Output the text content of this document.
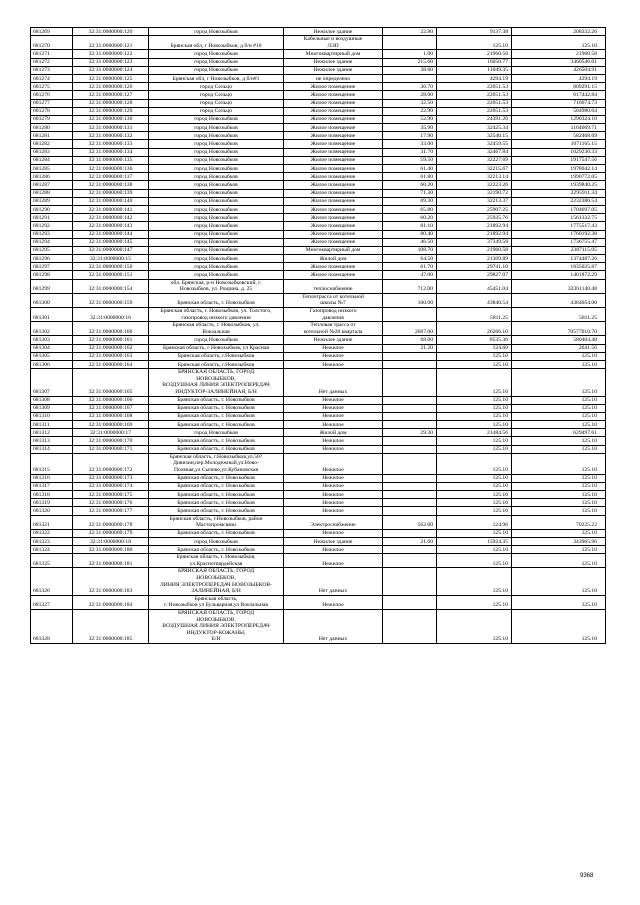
681269	32:31:0000000:120	город Новозыбков	Нежилое здание	22.80	9137.38	208332.26
681270	32:31:0000000:121	Брянская обл, г Новозыбков, д б/н #10	Кабельные и воздушные
ЛЭП		125.10	125.10
681271	32:31:0000000:122	город Новозыбков	Многоквартирный дом	1.00	21960.58	21960.58
681272	32:31:0000000:123	город Новозыбков	Нежилое здание	215.60	16050.77	3460546.01
681273	32:31:0000000:124	город Новозыбков	Нежилое здание	38.60	11049.35	426504.91
681274	32:31:0000000:125	Брянская обл, г Новозыбков, д б/н#1	не определено		4294.19	4294.19
681275	32:31:0000000:126	город Сельцо	Жилое помещение	36.70	22051.53	809291.15
681276	32:31:0000000:127	город Сельцо	Жилое помещение	28.00	22051.53	617442.84
681277	32:31:0000000:128	город Сельцо	Жилое помещение	32.50	22051.53	716674.73
681278	32:31:0000000:129	город Сельцо	Жилое помещение	22.90	22051.53	504980.04
681279	32:31:0000000:130	город Новозыбков	Жилое помещение	52.90	24391.26	1290324.10
681280	32:31:0000000:131	город Новозыбков	Жилое помещение	35.90	32425.34	1164069.71
681281	32:31:0000000:132	город Новозыбков	Жилое помещение	17.90	32540.15	582468.69
681282	32:31:0000000:133	город Новозыбков	Жилое помещение	33.00	32459.55	1071165.15
681283	32:31:0000000:134	город Новозыбков	Жилое помещение	31.70	32467.84	1029230.33
681284	32:31:0000000:135	город Новозыбков	Жилое помещение	59.50	32227.69	1917547.56
681285	32:31:0000000:136	город Новозыбков	Жилое помещение	61.40	32215.67	1978042.14
681286	32:31:0000000:137	город Новозыбков	Жилое помещение	61.80	32213.14	1990772.05
681287	32:31:0000000:138	город Новозыбков	Жилое помещение	60.20	32223.26	1939840.25
681288	32:31:0000000:139	город Новозыбков	Жилое помещение	71.30	32190.72	2295911.34
681289	32:31:0000000:140	город Новозыбков	Жилое помещение	69.30	32213.37	2232386.54
681290	32:31:0000000:141	город Новозыбков	Жилое помещение	65.80	25907.25	1704697.05
681291	32:31:0000000:142	город Новозыбков	Жилое помещение	60.20	25935.76	1561332.75
681292	32:31:0000000:143	город Новозыбков	Жилое помещение	81.10	21892.94	1775517.43
681293	32:31:0000000:144	город Новозыбков	Жилое помещение	80.40	21892.94	1760192.38
681294	32:31:0000000:145	город Новозыбков	Жилое помещение	46.50	37349.58	1736755.47
681295	32:31:0000000:147	город Новозыбков	Многоквартирный дом	108.70	21960.58	2387115.05
681296	32:31:0000000:15	город Новозыбков	Жилой дом	64.50	21309.89	1374487.26
681297	32:31:0000000:150	город Новозыбков	Жилое помещение	61.70	29741.10	1835025.87
681298	32:31:0000000:151	город Новозыбков	Жилое помещение	47.00	29827.07	1401872.29
681299	32:31:0000000:154	обл. Брянская, р-н Новозыбковский, г.
Новозыбков, ул. Рощина, д. 25	теплоснабжение	712.00	45451.04	32361140.48
681300	32:31:0000000:159	Брянская область, г. Новозыбков	Теплотрасса от котельной
школы №7	100.00	43840.54	4384054.00
681301	32:31:0000000:16	Брянская область, г. Новозыбков, ул. Толстого,
газопровод низкого давления	Газопровод низкого
давления		5811.25	5811.25
681302	32:31:0000000:160	Брянская область, г. Новозыбков, ул.
Вокзальная	Тепловая трасса от
котельной №28 квартала	2687.00	26266.10	70577010.70
681303	32:31:0000000:161	город Новозыбков	Нежилое здание	68.00	8535.36	580404.48
681304	32:31:0000000:162	Брянская область, г Новозыбков, ул Красная	Нежилое	21.20	124.60	2641.56
681305	32:31:0000000:163	Брянская область, г.Новозыбков	Нежилое		125.10	125.10
681306	32:31:0000000:164	Брянская область, г.Новозыбков	Нежилое		125.10	125.10
681307	32:31:0000000:165	БРЯНСКАЯ ОБЛАСТЬ, ГОРОД
НОВОЗЫБКОВ,
ВОЗДУШНАЯ ЛИНИЯ ЭЛЕКТРОПЕРЕДАЧ
ИНДУКТОР-ЗАЛИНЕЙНАЯ, Б/Н	Нет данных		125.10	125.10
681308	32:31:0000000:166	Брянская область, г. Новозыбков	Нежилое		125.10	125.10
681309	32:31:0000000:167	Брянская область, г. Новозыбков	Нежилое		125.10	125.10
681310	32:31:0000000:168	Брянская область, г. Новозыбков	Нежилое		125.10	125.10
681311	32:31:0000000:169	Брянская область, г. Новозыбков	Нежилое		125.10	125.10
681312	32:31:0000000:17	город Новозыбков	Жилой дом	29.30	21484.56	629497.61
681313	32:31:0000000:170	Брянская область, г. Новозыбков	Нежилое		125.10	125.10
681314	32:31:0000000:171	Брянская область, г. Новозыбков	Нежилое		125.10	125.10
681315	32:31:0000000:172	Брянская область, г.Новозыбков,ул.50?
Дивизии,пер.Молодежный,ул.Ново-
Полевая,ул.Сычево,ул.Кубановская	Нежилое		125.10	125.10
681316	32:31:0000000:173	Брянская область, г. Новозыбков	Нежилое		125.10	125.10
681317	32:31:0000000:174	Брянская область, г. Новозыбков	Нежилое		125.10	125.10
681318	32:31:0000000:175	Брянская область, г. Новозыбков	Нежилое		125.10	125.10
681319	32:31:0000000:176	Брянская область, г. Новозыбков	Нежилое		125.10	125.10
681320	32:31:0000000:177	Брянская область, г. Новозыбков	Нежилое		125.10	125.10
681321	32:31:0000000:178	Брянская область, г.Новозыбков, район
Мастопромсвязи	Электроснабжение	562.00	124.96	70225.22
681322	32:31:0000000:179	Брянская область, г. Новозыбков	Нежилое		125.10	125.10
681323	32:31:0000000:18	город Новозыбков	Нежилое здание	21.60	15924.35	343965.96
681324	32:31:0000000:180	Брянская область, г. Новозыбков	Нежилое		125.10	125.10
681325	32:31:0000000:181	Брянская область, г. Новозыбков,
ул.Красногвардейская	Нежилое		125.10	125.10
681326	32:31:0000000:183	БРЯНСКАЯ ОБЛАСТЬ, ГОРОД
НОВОЗЫБКОВ,
ЛИНИЯ ЭЛЕКТРОПЕРЕДАЧ НОВОЗЫБКОВ-
ЗАЛИНЕЙНАЯ, Б/Н	Нет данных		125.10	125.10
681327	32:31:0000000:184	Брянская область,
г. Новозыбков ул Бульварная,ул Вокзальная	Нежилое		125.10	125.10
681328	32:31:0000000:185	БРЯНСКАЯ ОБЛАСТЬ, ГОРОД
НОВОЗЫБКОВ,
ВОЗДУШНАЯ ЛИНИЯ ЭЛЕКТРОПЕРЕДАЧ
ИНДУКТОР-КОЖАНЫ,
Б/Н	Нет данных		125.10	125.10
9368
